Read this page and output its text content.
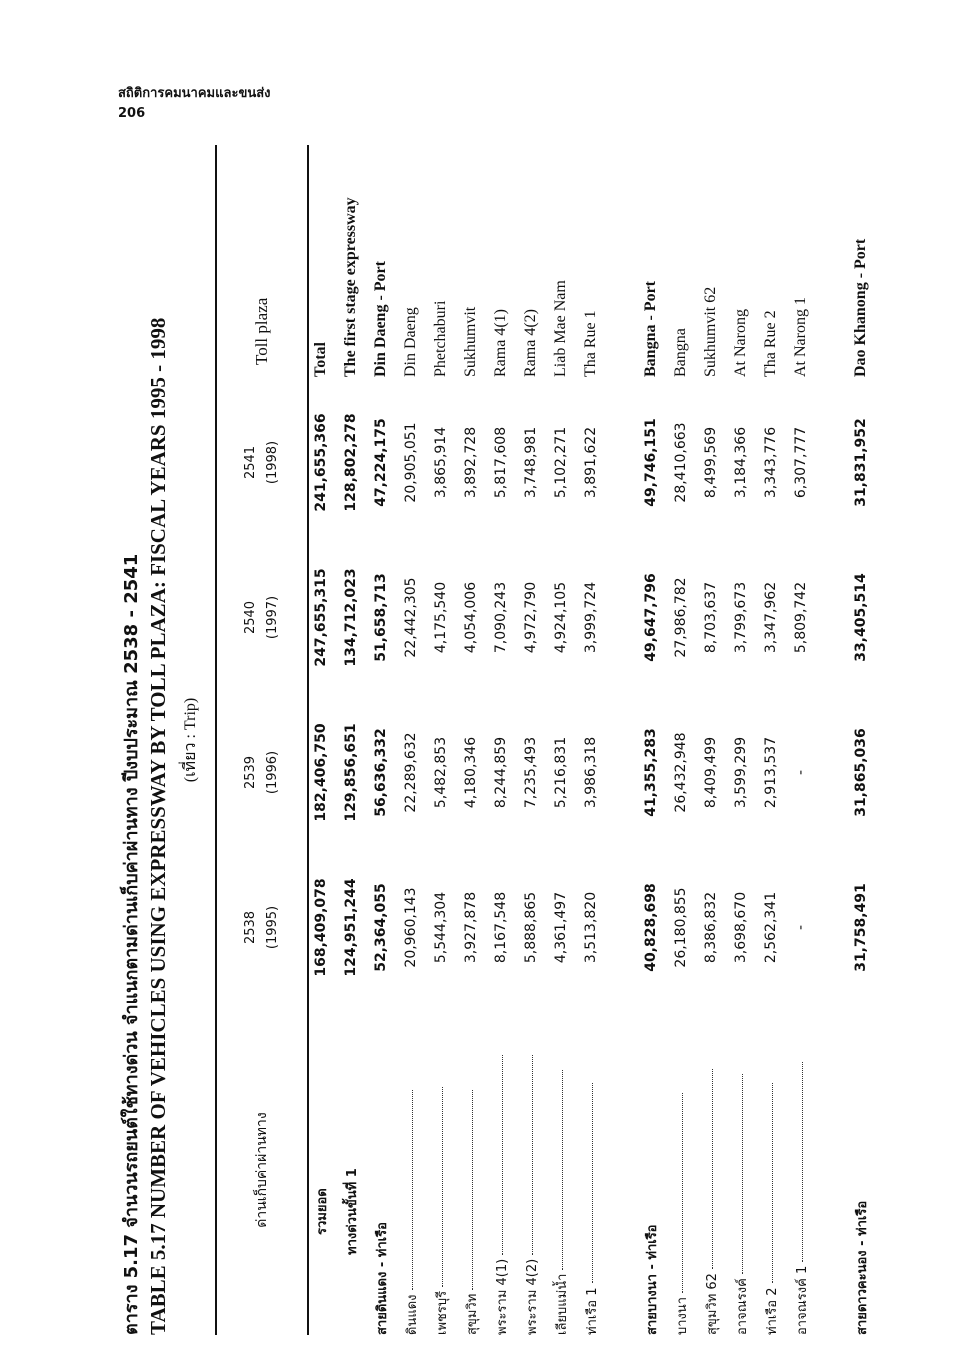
สถิติการคมนาคมและขนส่ง
206
ตาราง 5.17 จำนวนรถยนต์ใช้ทางด่วน จำแนกตามด่านเก็บค่าผ่านทาง ปีงบประมาณ 2538 - 2541 TABLE 5.17 NUMBER OF VEHICLES USING EXPRESSWAY BY TOLL PLAZA: FISCAL YEARS 1995 - 1998 (เที่ยว : Trip)
ด่านเก็บค่าผ่านทาง	2538 (1995)	2539 (1996)	2540 (1997)	2541 (1998)	Toll plaza
รวมยอด	168,409,078	182,406,750	247,655,315	241,655,366	Total
ทางด่วนขั้นที่ 1	124,951,244	129,856,651	134,712,023	128,802,278	The first stage expressway
สายดินแดง - ท่าเรือ	52,364,055	56,636,332	51,658,713	47,224,175	Din Daeng - Port
ดินแดง	20,960,143	22,289,632	22,442,305	20,905,051	Din Daeng
เพชรบุรี	5,544,304	5,482,853	4,175,540	3,865,914	Phetchaburi
สุขุมวิท	3,927,878	4,180,346	4,054,006	3,892,728	Sukhumvit
พระราม 4(1)	8,167,548	8,244,859	7,090,243	5,817,608	Rama 4(1)
พระราม 4(2)	5,888,865	7,235,493	4,972,790	3,748,981	Rama 4(2)
เลียบแม่น้ำ	4,361,497	5,216,831	4,924,105	5,102,271	Liab Mae Nam
ท่าเรือ 1	3,513,820	3,986,318	3,999,724	3,891,622	Tha Rue 1

สายบางนา - ท่าเรือ	40,828,698	41,355,283	49,647,796	49,746,151	Bangna - Port
บางนา	26,180,855	26,432,948	27,986,782	28,410,663	Bangna
สุขุมวิท 62	8,386,832	8,409,499	8,703,637	8,499,569	Sukhumvit 62
อาจณรงค์	3,698,670	3,599,299	3,799,673	3,184,366	At Narong
ท่าเรือ 2	2,562,341	2,913,537	3,347,962	3,343,776	Tha Rue 2
อาจณรงค์ 1	-	-	5,809,742	6,307,777	At Narong 1

สายดาวคะนอง - ท่าเรือ	31,758,491	31,865,036	33,405,514	31,831,952	Dao Khanong - Port
